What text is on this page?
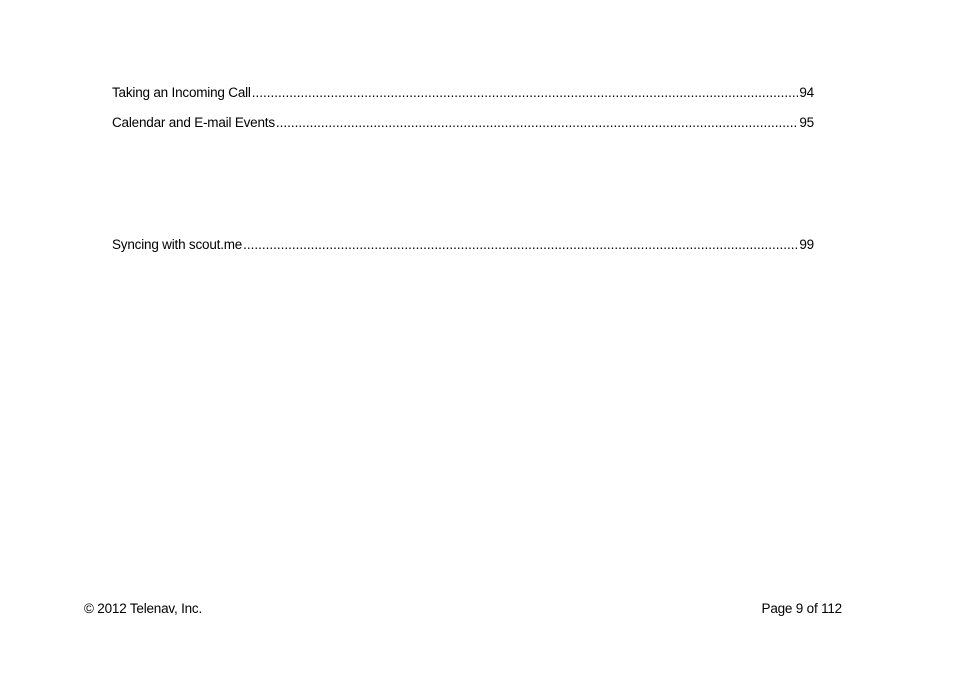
Taking an Incoming Call .....	94
Calendar and E-mail Events .....	95
Syncing with scout.me .....	99
© 2012 Telenav, Inc.	Page 9 of 112
